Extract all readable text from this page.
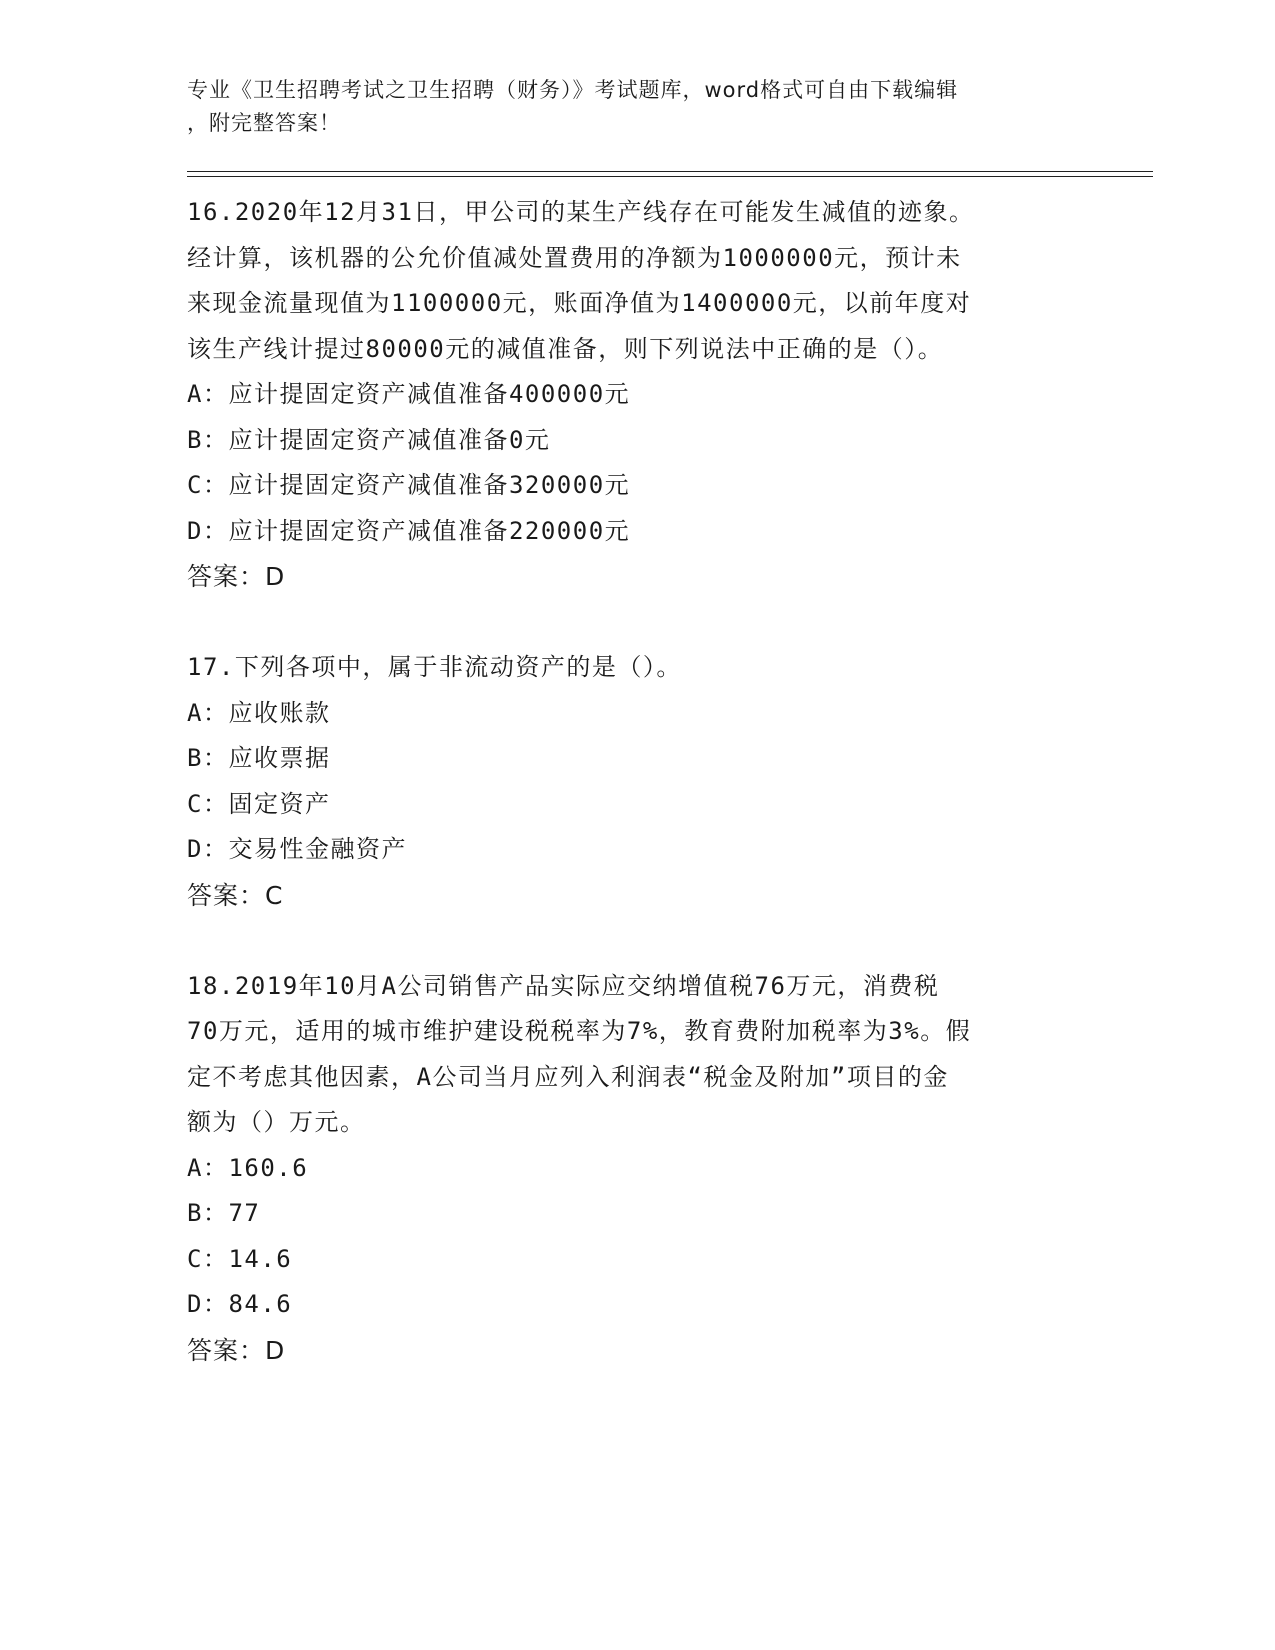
专业《卫生招聘考试之卫生招聘（财务）》考试题库，word格式可自由下载编辑
，附完整答案！

16.2020年12月31日，甲公司的某生产线存在可能发生减值的迹象。

经计算，该机器的公允价值减处置费用的净额为1000000元，预计未

来现金流量现值为1100000元，账面净值为1400000元，以前年度对

该生产线计提过80000元的减值准备，则下列说法中正确的是（）。

A：应计提固定资产减值准备400000元

B：应计提固定资产减值准备0元

C：应计提固定资产减值准备320000元

D：应计提固定资产减值准备220000元

答案：D

17.下列各项中，属于非流动资产的是（）。

A：应收账款

B：应收票据

C：固定资产

D：交易性金融资产

答案：C

18.2019年10月A公司销售产品实际应交纳增值税76万元，消费税

70万元，适用的城市维护建设税税率为7%，教育费附加税率为3%。假

定不考虑其他因素，A公司当月应列入利润表“税金及附加”项目的金

额为（）万元。

A：160.6

B：77

C：14.6

D：84.6

答案：D
